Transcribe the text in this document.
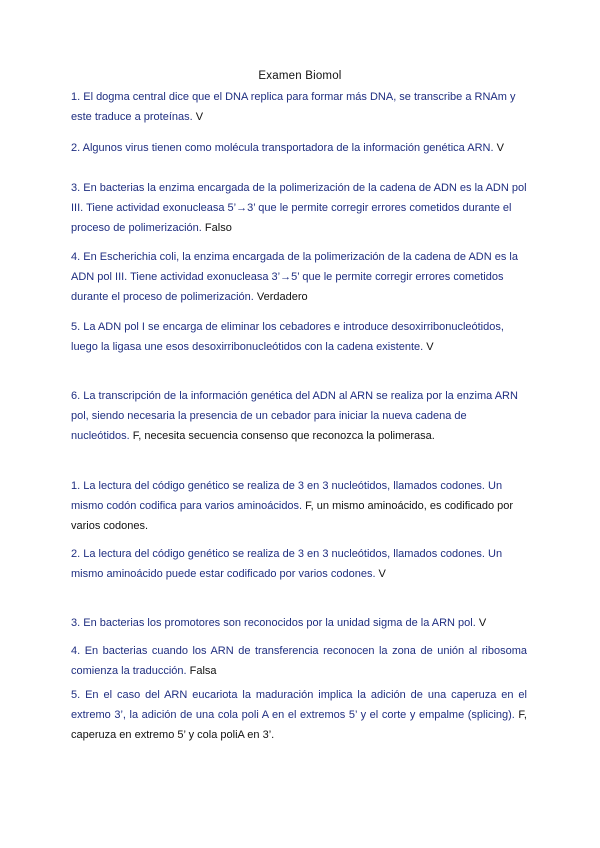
Examen Biomol
1. El dogma central dice que el DNA replica para formar más DNA, se transcribe a RNAm y este traduce a proteínas. V
2. Algunos virus tienen como molécula transportadora de la información genética ARN. V
3. En bacterias la enzima encargada de la polimerización de la cadena de ADN es la ADN pol III. Tiene actividad exonucleasa 5’→3’ que le permite corregir errores cometidos durante el proceso de polimerización. Falso
4. En Escherichia coli, la enzima encargada de la polimerización de la cadena de ADN es la ADN pol III. Tiene actividad exonucleasa 3’→5’ que le permite corregir errores cometidos durante el proceso de polimerización. Verdadero
5. La ADN pol I se encarga de eliminar los cebadores e introduce desoxirribonucleótidos, luego la ligasa une esos desoxirribonucleótidos con la cadena existente. V
6. La transcripción de la información genética del ADN al ARN se realiza por la enzima ARN pol, siendo necesaria la presencia de un cebador para iniciar la nueva cadena de nucleótidos. F, necesita secuencia consenso que reconozca la polimerasa.
1. La lectura del código genético se realiza de 3 en 3 nucleótidos, llamados codones. Un mismo codón codifica para varios aminoácidos. F, un mismo aminoácido, es codificado por varios codones.
2. La lectura del código genético se realiza de 3 en 3 nucleótidos, llamados codones. Un mismo aminoácido puede estar codificado por varios codones. V
3. En bacterias los promotores son reconocidos por la unidad sigma de la ARN pol. V
4. En bacterias cuando los ARN de transferencia reconocen la zona de unión al ribosoma comienza la traducción. Falsa
5. En el caso del ARN eucariota la maduración implica la adición de una caperuza en el extremo 3’, la adición de una cola poli A en el extremos 5’ y el corte y empalme (splicing). F, caperuza en extremo 5’ y cola poliA en 3’.
